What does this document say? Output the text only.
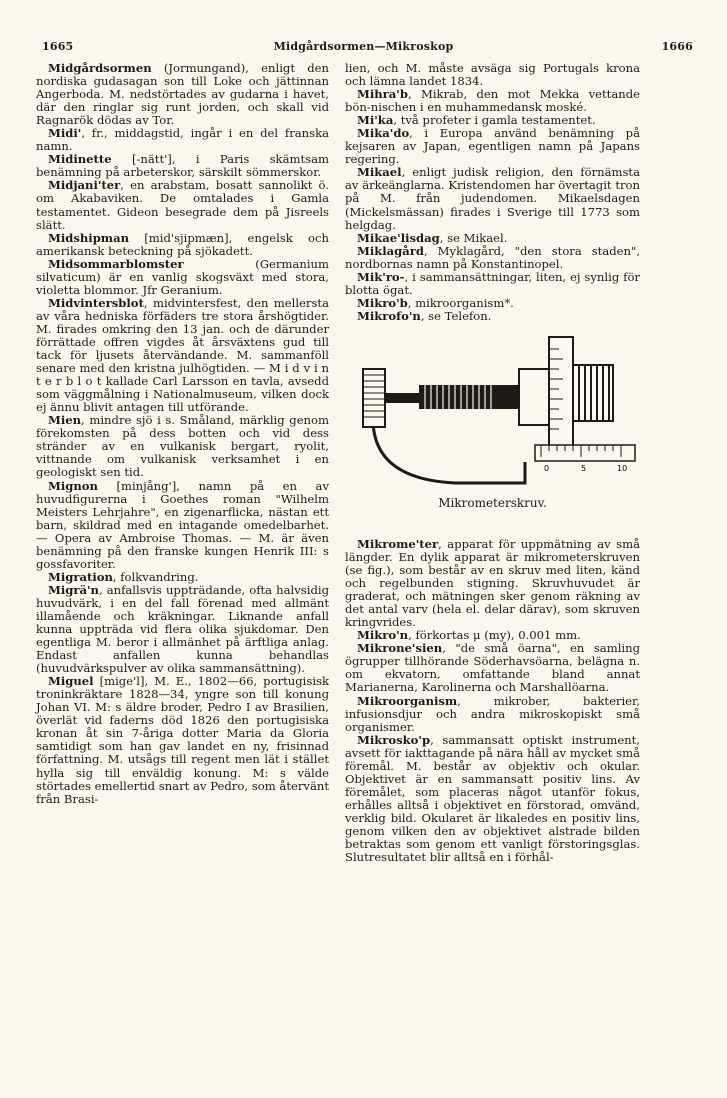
1665	Midgårdsormen—Mikroskop	1666

Midgårdsormen (Jormungand), enligt den nordiska gudasagan son till Loke och jättinnan Angerboda. M. nedstörtades av gudarna i havet, där den ringlar sig runt jorden, och skall vid Ragnarök dödas av Tor.

Midi', fr., middagstid, ingår i en del franska namn.

Midinette [-nätt'], i Paris skämtsam benämning på arbeterskor, särskilt sömmerskor.

Midjani'ter, en arabstam, bosatt sannolikt ö. om Akabaviken. De omtalades i Gamla testamentet. Gideon besegrade dem på Jisreels slätt.

Midshipman [mid'sjipmæn], engelsk och amerikansk beteckning på sjökadett.

Midsommarblomster (Germanium silvaticum) är en vanlig skogsväxt med stora, violetta blommor. Jfr Geranium.

Midvintersblot, midvintersfest, den mellersta av våra hedniska förfäders tre stora årshögtider. M. firades omkring den 13 jan. och de därunder förrättade offren vigdes åt årsväxtens gud till tack för ljusets återvändande. M. sammanföll senare med den kristna julhögtiden. — M i d v i n t e r b l o t kallade Carl Larsson en tavla, avsedd som väggmålning i Nationalmuseum, vilken dock ej ännu blivit antagen till utförande.

Mien, mindre sjö i s. Småland, märklig genom förekomsten på dess botten och vid dess stränder av en vulkanisk bergart, ryolit, vittnande om vulkanisk verksamhet i en geologiskt sen tid.

Mignon [minjång'], namn på en av huvudfigurerna i Goethes roman "Wilhelm Meisters Lehrjahre", en zigenarflicka, nästan ett barn, skildrad med en intagande omedelbarhet. — Opera av Ambroise Thomas. — M. är även benämning på den franske kungen Henrik III: s gossfavoriter.

Migration, folkvandring.

Migrä'n, anfallsvis uppträdande, ofta halvsidig huvudvärk, i en del fall förenad med allmänt illamående och kräkningar. Liknande anfall kunna uppträda vid flera olika sjukdomar. Den egentliga M. beror i allmänhet på ärftliga anlag. Endast anfallen kunna behandlas (huvudvärkspulver av olika sammansättning).

Miguel [mige'l], M. E., 1802—66, portugisisk troninkräktare 1828—34, yngre son till konung Johan VI. M: s äldre broder, Pedro I av Brasilien, överlät vid faderns död 1826 den portugisiska kronan åt sin 7-åriga dotter Maria da Gloria samtidigt som han gav landet en ny, frisinnad författning. M. utsågs till regent men lät i stället hylla sig till enväldig konung. M: s välde störtades emellertid snart av Pedro, som återvänt från Brasi-

lien, och M. måste avsäga sig Portugals krona och lämna landet 1834.

Mihra'b, Mikrab, den mot Mekka vettande bön-nischen i en muhammedansk moské.

Mi'ka, två profeter i gamla testamentet.

Mika'do, i Europa använd benämning på kejsaren av Japan, egentligen namn på Japans regering.

Mikael, enligt judisk religion, den förnämsta av ärkeänglarna. Kristendomen har övertagit tron på M. från judendomen. Mikaelsdagen (Mickelsmässan) firades i Sverige till 1773 som helgdag.

Mikae'lisdag, se Mikael.

Miklagård, Myklagård, "den stora staden", nordbornas namn på Konstantinopel.

Mik'ro-, i sammansättningar, liten, ej synlig för blotta ögat.

Mikro'b, mikroorganism*.

Mikrofo'n, se Telefon.

0	5	10
Mikrometerskruv.

Mikrome'ter, apparat för uppmätning av små längder. En dylik apparat är mikrometerskruven (se fig.), som består av en skruv med liten, känd och regelbunden stigning. Skruvhuvudet är graderat, och mätningen sker genom räkning av det antal varv (hela el. delar därav), som skruven kringvrides.

Mikro'n, förkortas μ (my), 0.001 mm.

Mikrone'sien, "de små öarna", en samling ögrupper tillhörande Söderhavsöarna, belägna n. om ekvatorn, omfattande bland annat Marianerna, Karolinerna och Marshallöarna.

Mikroorganism, mikrober, bakterier, infusionsdjur och andra mikroskopiskt små organismer.

Mikrosko'p, sammansatt optiskt instrument, avsett för iakttagande på nära håll av mycket små föremål. M. består av objektiv och okular. Objektivet är en sammansatt positiv lins. Av föremålet, som placeras något utanför fokus, erhålles alltså i objektivet en förstorad, omvänd, verklig bild. Okularet är likaledes en positiv lins, genom vilken den av objektivet alstrade bilden betraktas som genom ett vanligt förstoringsglas. Slutresultatet blir alltså en i förhål-
